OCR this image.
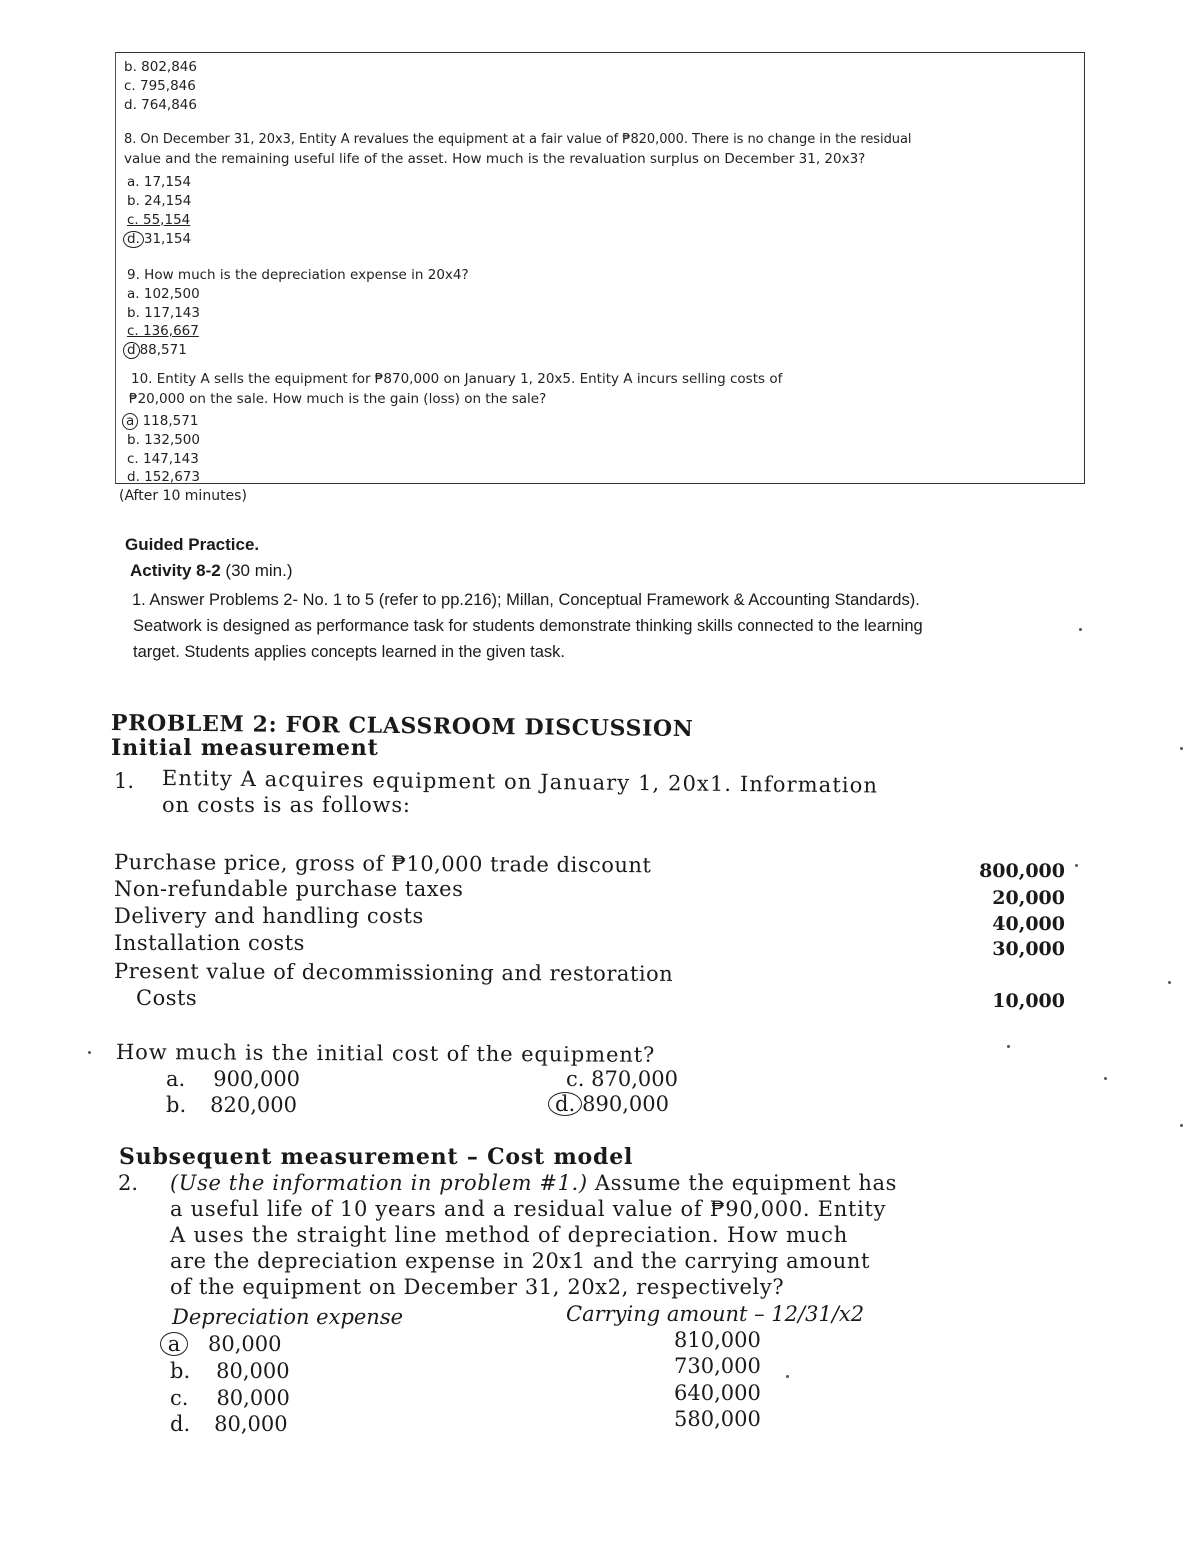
b. 802,846
c. 795,846
d. 764,846
8. On December 31, 20x3, Entity A revalues the equipment at a fair value of ₱820,000. There is no change in the residual
value and the remaining useful life of the asset. How much is the revaluation surplus on December 31, 20x3?
a. 17,154
b. 24,154
c. 55,154
d. 31,154
9. How much is the depreciation expense in 20x4?
a. 102,500
b. 117,143
c. 136,667
d 88,571
10. Entity A sells the equipment for ₱870,000 on January 1, 20x5. Entity A incurs selling costs of
₱20,000 on the sale. How much is the gain (loss) on the sale?
a 118,571
b. 132,500
c. 147,143
d. 152,673
(After 10 minutes)
Guided Practice.
Activity 8-2 (30 min.)
1. Answer Problems 2- No. 1 to 5 (refer to pp.216); Millan, Conceptual Framework & Accounting Standards).
Seatwork is designed as performance task for students demonstrate thinking skills connected to the learning
target. Students applies concepts learned in the given task.
PROBLEM 2: FOR CLASSROOM DISCUSSION
Initial measurement
1. Entity A acquires equipment on January 1, 20x1. Information
on costs is as follows:
Purchase price, gross of ₱10,000 trade discount
Non-refundable purchase taxes
Delivery and handling costs
Installation costs
Present value of decommissioning and restoration
Costs
800,000
20,000
40,000
30,000
10,000
How much is the initial cost of the equipment?
a. 900,000
b. 820,000
c. 870,000
d. 890,000
Subsequent measurement – Cost model
2. (Use the information in problem #1.) Assume the equipment has
a useful life of 10 years and a residual value of ₱90,000. Entity
A uses the straight line method of depreciation. How much
are the depreciation expense in 20x1 and the carrying amount
of the equipment on December 31, 20x2, respectively?
Depreciation expense	Carrying amount – 12/31/x2
a 80,000
b. 80,000
c. 80,000
d. 80,000
810,000
730,000
640,000
580,000
